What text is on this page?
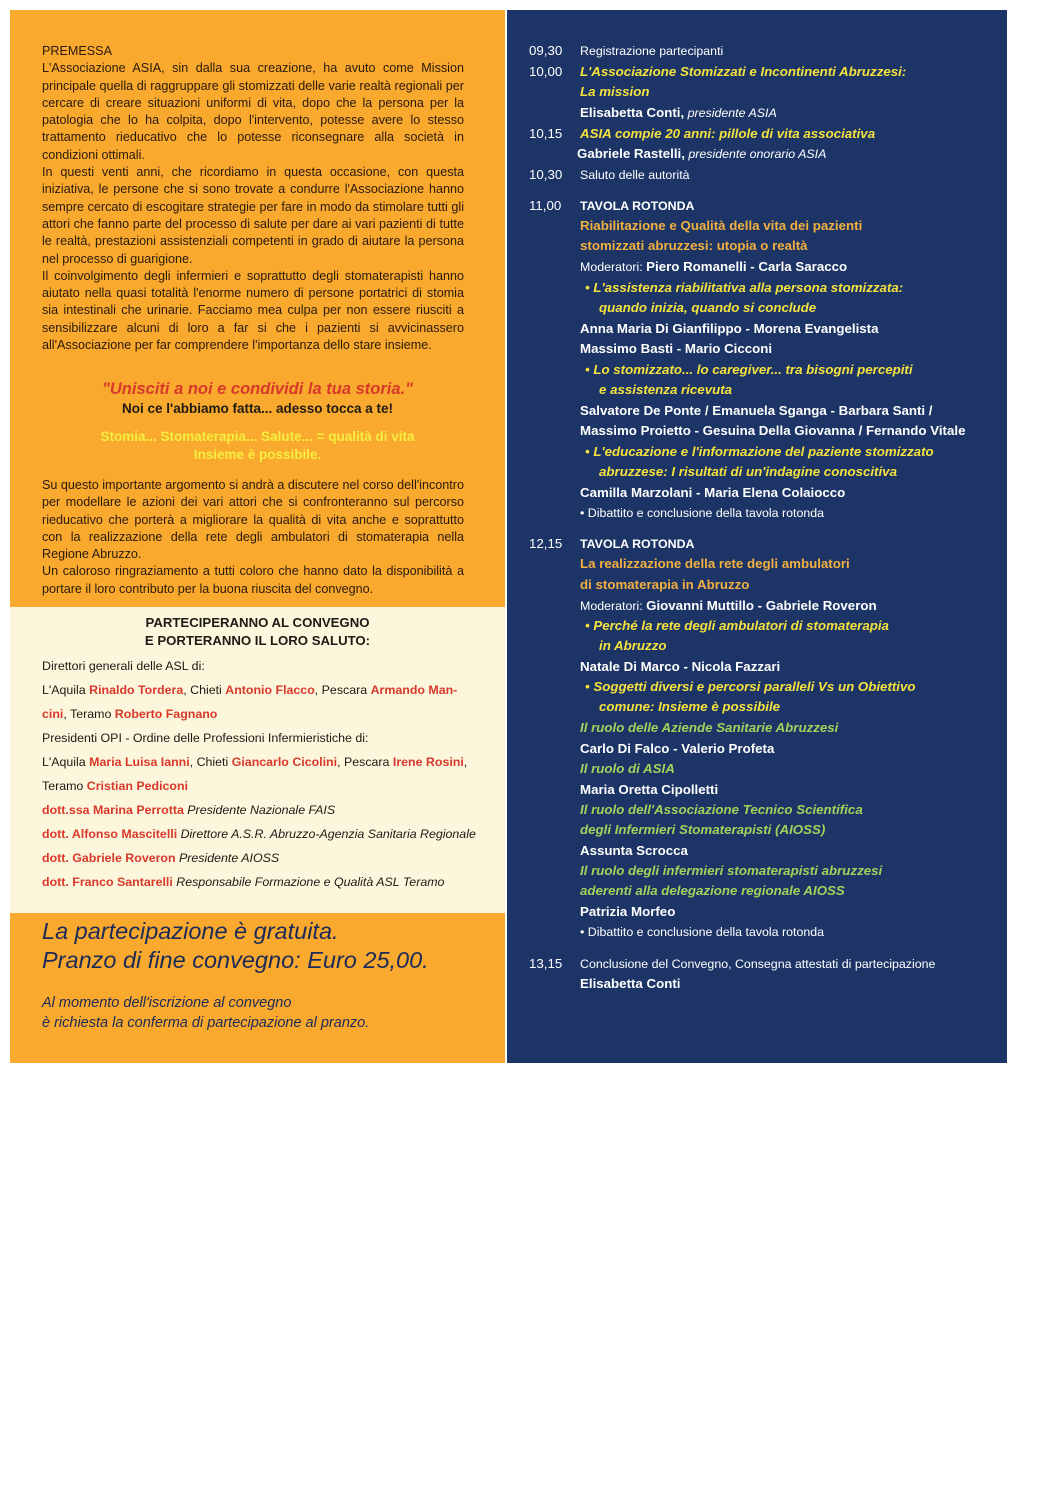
PREMESSA

L'Associazione ASIA, sin dalla sua creazione, ha avuto come Mission principale quella di raggruppare gli stomizzati delle varie realtà regionali per cercare di creare situazioni uniformi di vita, dopo che la persona per la patologia che lo ha colpita, dopo l'intervento, potesse avere lo stesso trattamento rieducativo che lo potesse riconsegnare alla società in condizioni ottimali.

In questi venti anni, che ricordiamo in questa occasione, con questa iniziativa, le persone che si sono trovate a condurre l'Associazione hanno sempre cercato di escogitare strategie per fare in modo da stimolare tutti gli attori che fanno parte del processo di salute per dare ai vari pazienti di tutte le realtà, prestazioni assistenziali competenti in grado di aiutare la persona nel processo di guarigione.

Il coinvolgimento degli infermieri e soprattutto degli stomaterapisti hanno aiutato nella quasi totalità l'enorme numero di persone portatrici di stomia sia intestinali che urinarie. Facciamo mea culpa per non essere riusciti a sensibilizzare alcuni di loro a far si che i pazienti si avvicinassero all'Associazione per far comprendere l'importanza dello stare insieme.

"Unisciti a noi e condividi la tua storia."
Noi ce l'abbiamo fatta... adesso tocca a te!
Stomia... Stomaterapia... Salute... = qualità di vita
Insieme è possibile.

Su questo importante argomento si andrà a discutere nel corso dell'incontro per modellare le azioni dei vari attori che si confronteranno sul percorso rieducativo che porterà a migliorare la qualità di vita anche e soprattutto con la realizzazione della rete degli ambulatori di stomaterapia nella Regione Abruzzo.

Un caloroso ringraziamento a tutti coloro che hanno dato la disponibilità a portare il loro contributo per la buona riuscita del convegno.

PARTECIPERANNO AL CONVEGNO
E PORTERANNO IL LORO SALUTO:
Direttori generali delle ASL di:
L'Aquila Rinaldo Tordera, Chieti Antonio Flacco, Pescara Armando Man-
cini, Teramo Roberto Fagnano
Presidenti OPI - Ordine delle Professioni Infermieristiche di:
L'Aquila Maria Luisa Ianni, Chieti Giancarlo Cicolini, Pescara Irene Rosini,
Teramo Cristian Pediconi
dott.ssa Marina Perrotta Presidente Nazionale FAIS
dott. Alfonso Mascitelli Direttore A.S.R. Abruzzo-Agenzia Sanitaria Regionale
dott. Gabriele Roveron Presidente AIOSS
dott. Franco Santarelli Responsabile Formazione e Qualità ASL Teramo
La partecipazione è gratuita.
Pranzo di fine convegno: Euro 25,00.
Al momento dell'iscrizione al convegno
è richiesta la conferma di partecipazione al pranzo.
09,30 Registrazione partecipanti
10,00 L'Associazione Stomizzati e Incontinenti Abruzzesi:
La mission
Elisabetta Conti, presidente ASIA
10,15 ASIA compie 20 anni: pillole di vita associativa
Gabriele Rastelli, presidente onorario ASIA
10,30 Saluto delle autorità
11,00 TAVOLA ROTONDA
Riabilitazione e Qualità della vita dei pazienti
stomizzati abruzzesi: utopia o realtà
Moderatori: Piero Romanelli - Carla Saracco
• L'assistenza riabilitativa alla persona stomizzata:
quando inizia, quando si conclude
Anna Maria Di Gianfilippo - Morena Evangelista
Massimo Basti - Mario Cicconi
• Lo stomizzato... lo caregiver... tra bisogni percepiti
e assistenza ricevuta
Salvatore De Ponte / Emanuela Sganga - Barbara Santi /
Massimo Proietto - Gesuina Della Giovanna / Fernando Vitale
• L'educazione e l'informazione del paziente stomizzato
abruzzese: I risultati di un'indagine conoscitiva
Camilla Marzolani - Maria Elena Colaiocco
• Dibattito e conclusione della tavola rotonda
12,15 TAVOLA ROTONDA
La realizzazione della rete degli ambulatori
di stomaterapia in Abruzzo
Moderatori: Giovanni Muttillo - Gabriele Roveron
• Perché la rete degli ambulatori di stomaterapia
in Abruzzo
Natale Di Marco - Nicola Fazzari
• Soggetti diversi e percorsi paralleli Vs un Obiettivo
comune: Insieme è possibile
Il ruolo delle Aziende Sanitarie Abruzzesi
Carlo Di Falco - Valerio Profeta
Il ruolo di ASIA
Maria Oretta Cipolletti
Il ruolo dell'Associazione Tecnico Scientifica
degli Infermieri Stomaterapisti (AIOSS)
Assunta Scrocca
Il ruolo degli infermieri stomaterapisti abruzzesi
aderenti alla delegazione regionale AIOSS
Patrizia Morfeo
• Dibattito e conclusione della tavola rotonda
13,15 Conclusione del Convegno, Consegna attestati di partecipazione
Elisabetta Conti
